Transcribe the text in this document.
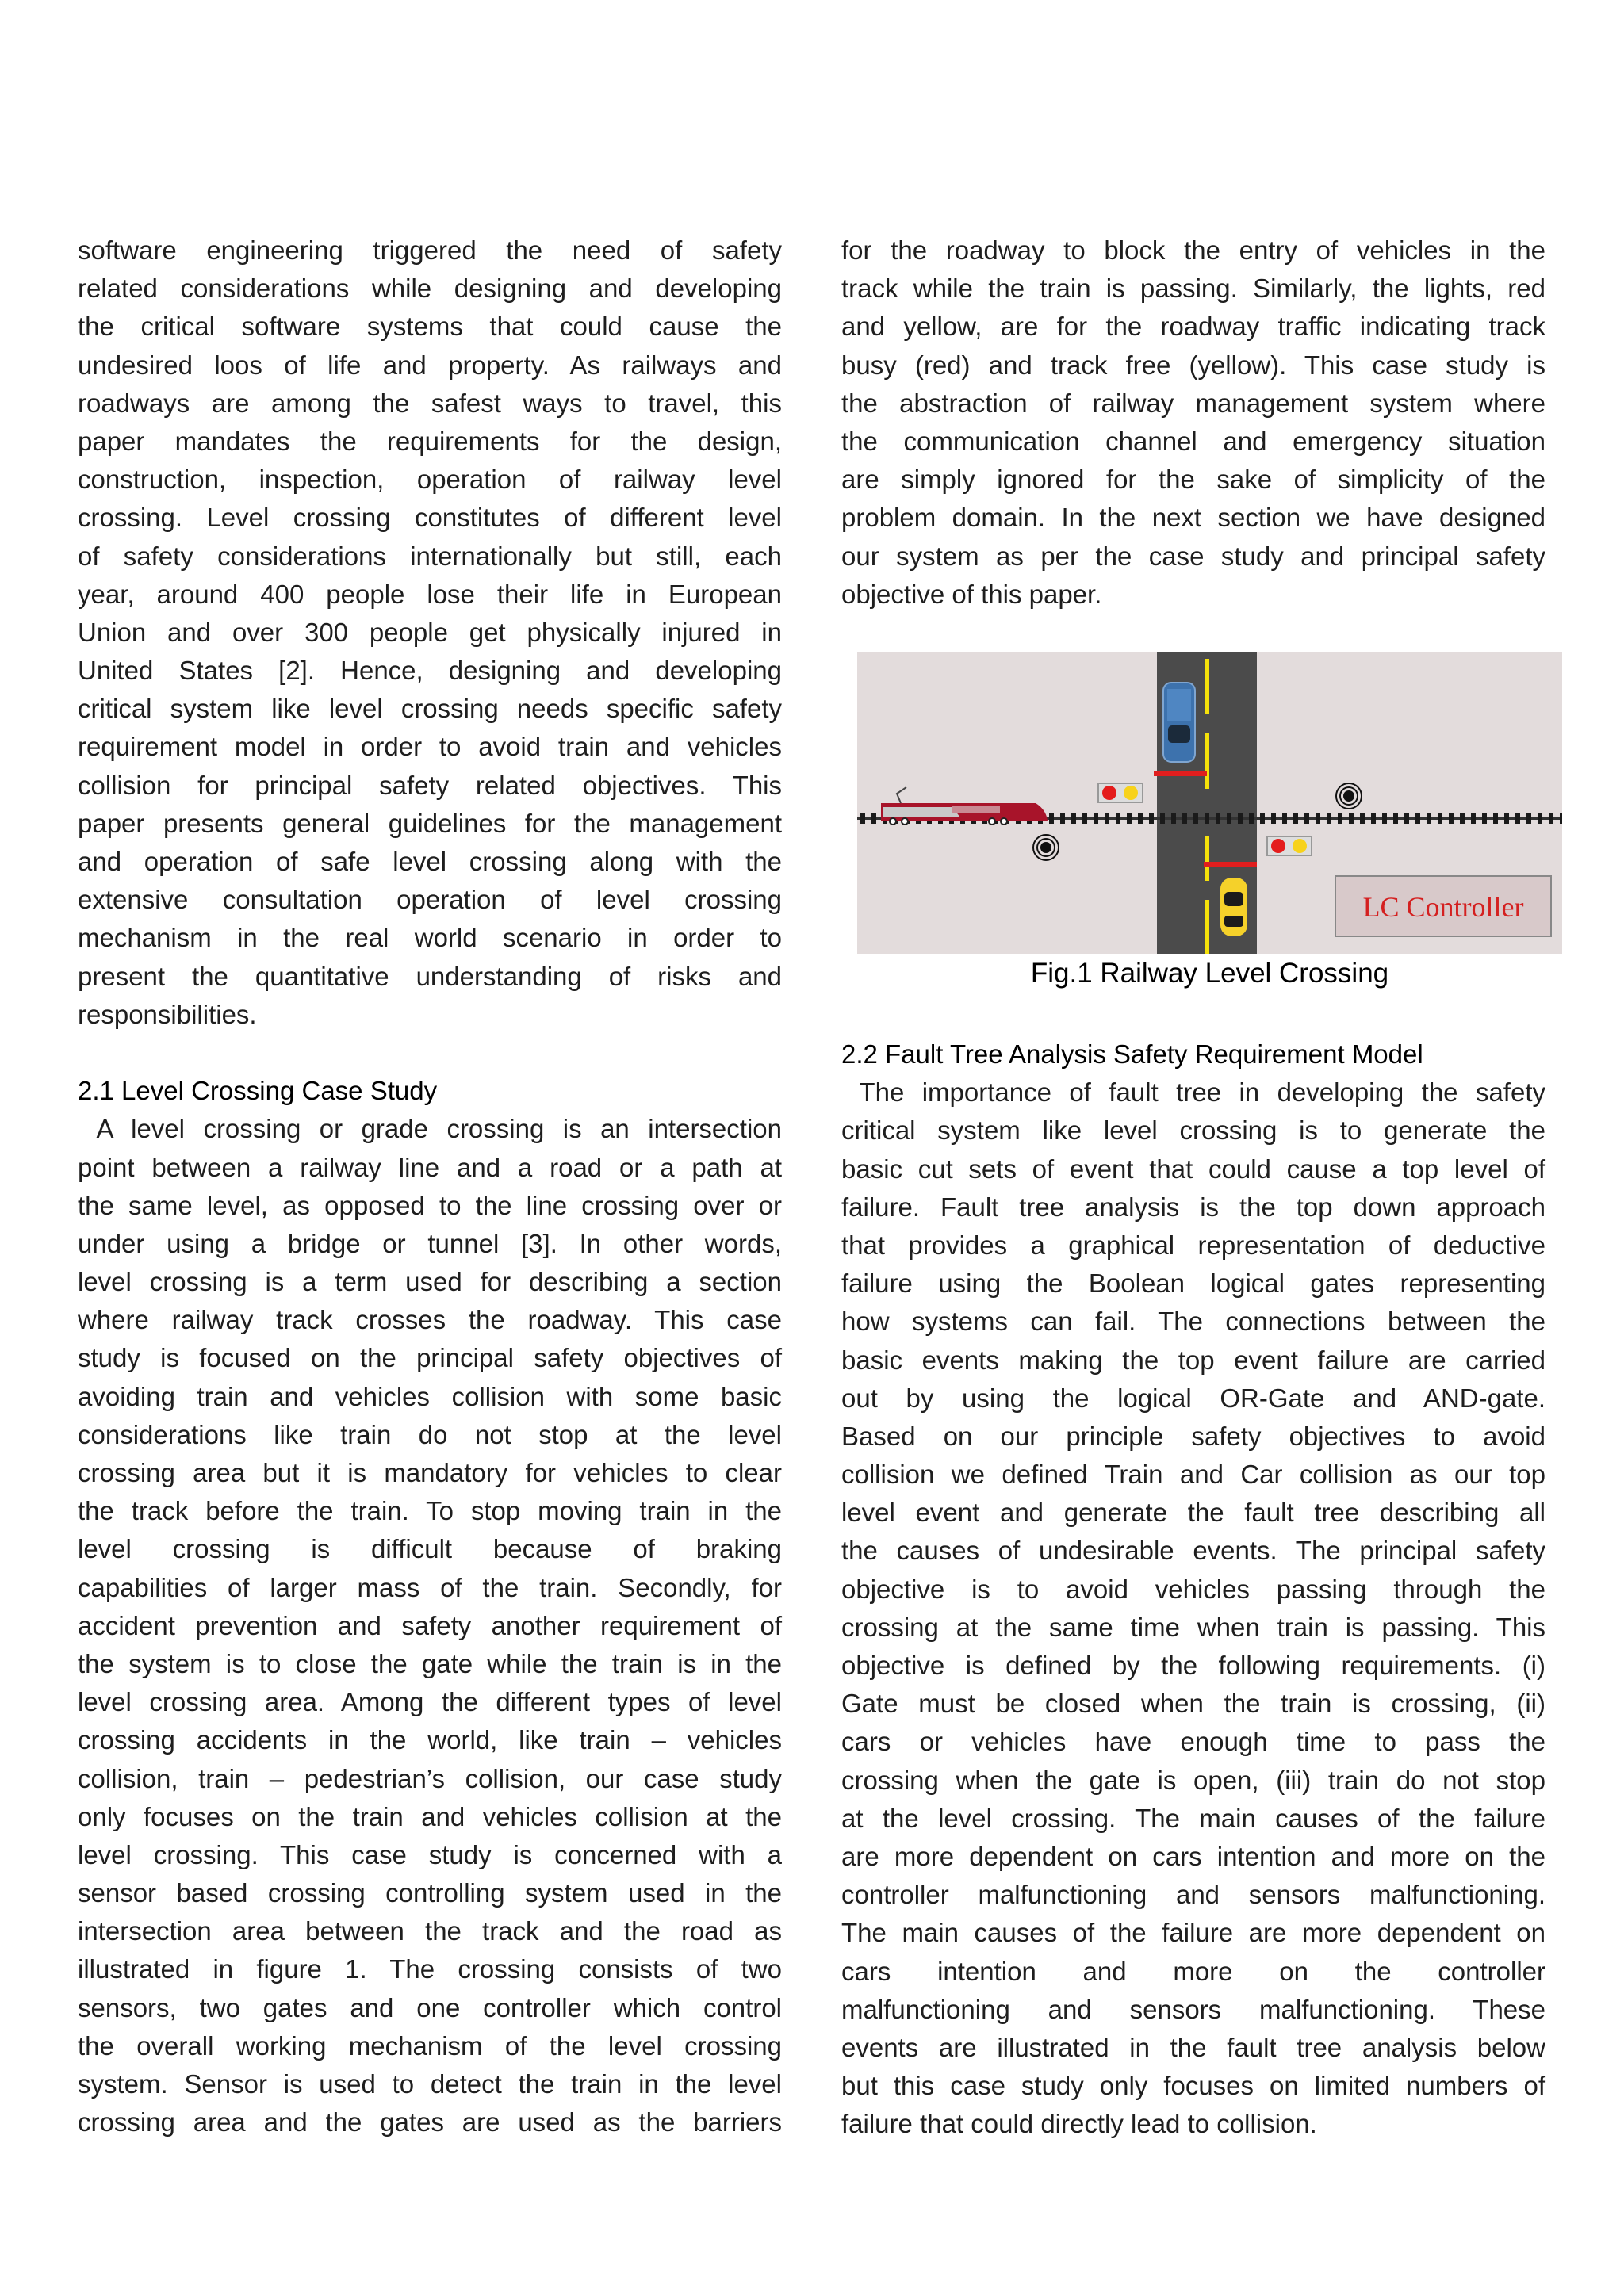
software engineering triggered the need of safety
related considerations while designing and developing
the critical software systems that could cause the
undesired loos of life and property. As railways and
roadways are among the safest ways to travel, this
paper mandates the requirements for the design,
construction, inspection, operation of railway level
crossing. Level crossing constitutes of different level
of safety considerations internationally but still, each
year, around 400 people lose their life in European
Union and over 300 people get physically injured in
United States [2]. Hence, designing and developing
critical system like level crossing needs specific safety
requirement model in order to avoid train and vehicles
collision for principal safety related objectives. This
paper presents general guidelines for the management
and operation of safe level crossing along with the
extensive consultation operation of level crossing
mechanism in the real world scenario in order to
present the quantitative understanding of risks and
responsibilities.
2.1 Level Crossing Case Study
A level crossing or grade crossing is an intersection
point between a railway line and a road or a path at
the same level, as opposed to the line crossing over or
under using a bridge or tunnel [3]. In other words,
level crossing is a term used for describing a section
where railway track crosses the roadway. This case
study is focused on the principal safety objectives of
avoiding train and vehicles collision with some basic
considerations like train do not stop at the level
crossing area but it is mandatory for vehicles to clear
the track before the train. To stop moving train in the
level crossing is difficult because of braking
capabilities of larger mass of the train. Secondly, for
accident prevention and safety another requirement of
the system is to close the gate while the train is in the
level crossing area. Among the different types of level
crossing accidents in the world, like train – vehicles
collision, train – pedestrian’s collision, our case study
only focuses on the train and vehicles collision at the
level crossing. This case study is concerned with a
sensor based crossing controlling system used in the
intersection area between the track and the road as
illustrated in figure 1. The crossing consists of two
sensors, two gates and one controller which control
the overall working mechanism of the level crossing
system. Sensor is used to detect the train in the level
crossing area and the gates are used as the barriers
for the roadway to block the entry of vehicles in the
track while the train is passing. Similarly, the lights, red
and yellow, are for the roadway traffic indicating track
busy (red) and track free (yellow). This case study is
the abstraction of railway management system where
the communication channel and emergency situation
are simply ignored for the sake of simplicity of the
problem domain. In the next section we have designed
our system as per the case study and principal safety
objective of this paper.
LC Controller
Fig.1 Railway Level Crossing
2.2 Fault Tree Analysis Safety Requirement Model
The importance of fault tree in developing the safety
critical system like level crossing is to generate the
basic cut sets of event that could cause a top level of
failure. Fault tree analysis is the top down approach
that provides a graphical representation of deductive
failure using the Boolean logical gates representing
how systems can fail. The connections between the
basic events making the top event failure are carried
out by using the logical OR-Gate and AND-gate.
Based on our principle safety objectives to avoid
collision we defined Train and Car collision as our top
level event and generate the fault tree describing all
the causes of undesirable events. The principal safety
objective is to avoid vehicles passing through the
crossing at the same time when train is passing. This
objective is defined by the following requirements. (i)
Gate must be closed when the train is crossing, (ii)
cars or vehicles have enough time to pass the
crossing when the gate is open, (iii) train do not stop
at the level crossing. The main causes of the failure
are more dependent on cars intention and more on the
controller malfunctioning and sensors malfunctioning.
The main causes of the failure are more dependent on
cars intention and more on the controller
malfunctioning and sensors malfunctioning. These
events are illustrated in the fault tree analysis below
but this case study only focuses on limited numbers of
failure that could directly lead to collision.
